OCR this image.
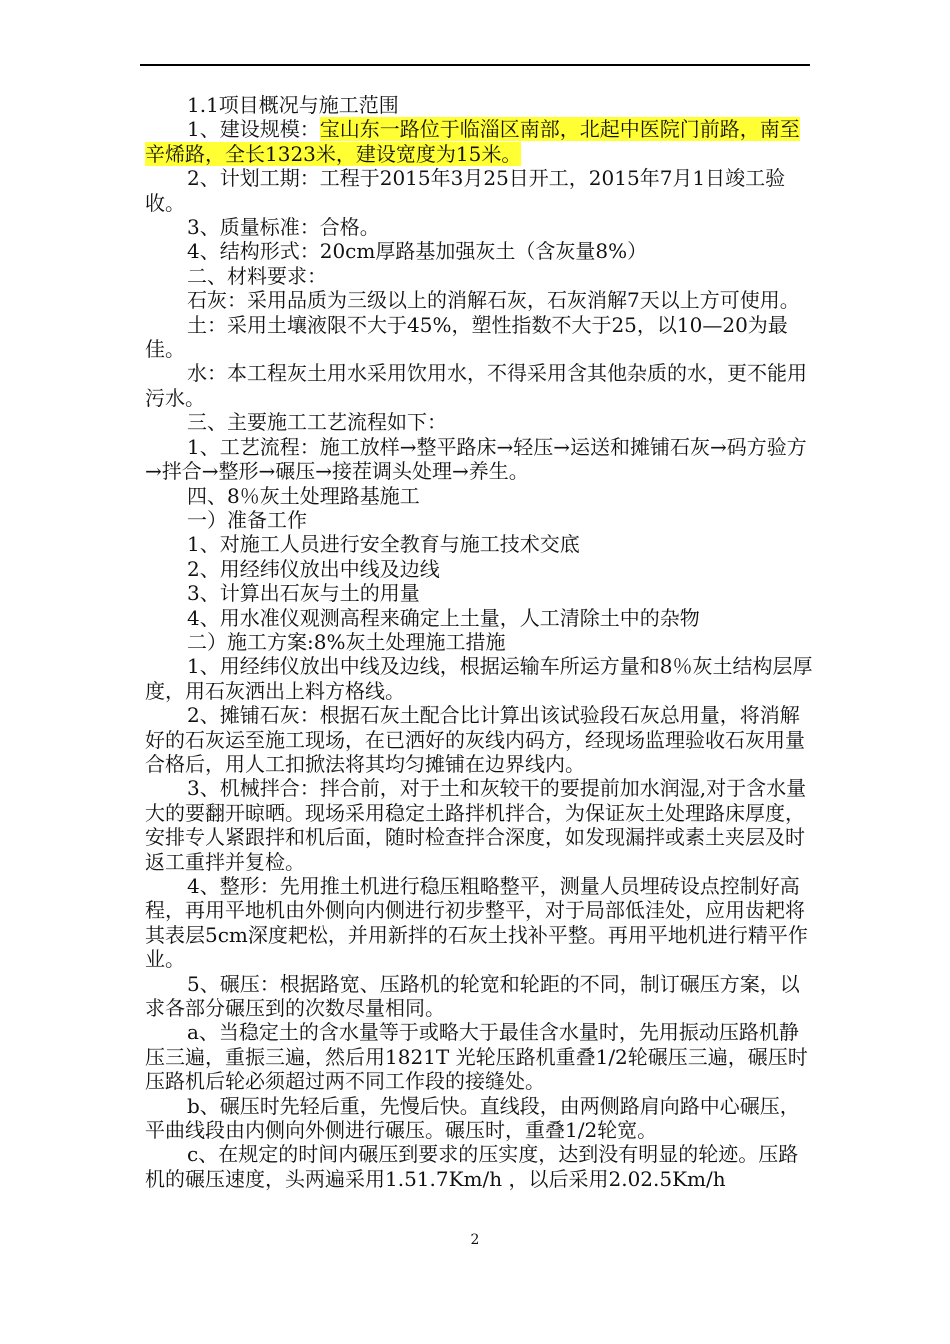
1.1项目概况与施工范围

1、建设规模：宝山东一路位于临淄区南部，北起中医院门前路，南至辛烯路，全长1323米，建设宽度为15米。

2、计划工期：工程于2015年3月25日开工，2015年7月1日竣工验收。

3、质量标准：合格。

4、结构形式：20cm厚路基加强灰土（含灰量8%）

二、材料要求：

石灰：采用品质为三级以上的消解石灰，石灰消解7天以上方可使用。

土：采用土壤液限不大于45%，塑性指数不大于25，以10—20为最佳。

水：本工程灰土用水采用饮用水，不得采用含其他杂质的水，更不能用污水。

三、主要施工工艺流程如下：

1、工艺流程：施工放样→整平路床→轻压→运送和摊铺石灰→码方验方→拌合→整形→碾压→接茬调头处理→养生。

四、8％灰土处理路基施工

一）准备工作

1、对施工人员进行安全教育与施工技术交底

2、用经纬仪放出中线及边线

3、计算出石灰与土的用量

4、用水准仪观测高程来确定上土量，人工清除土中的杂物

二）施工方案:8%灰土处理施工措施

1、用经纬仪放出中线及边线，根据运输车所运方量和8％灰土结构层厚度，用石灰洒出上料方格线。

2、摊铺石灰：根据石灰土配合比计算出该试验段石灰总用量，将消解好的石灰运至施工现场，在已洒好的灰线内码方，经现场监理验收石灰用量合格后，用人工扣掀法将其均匀摊铺在边界线内。

3、机械拌合：拌合前，对于土和灰较干的要提前加水润湿,对于含水量大的要翻开晾晒。现场采用稳定土路拌机拌合，为保证灰土处理路床厚度，安排专人紧跟拌和机后面，随时检查拌合深度，如发现漏拌或素土夹层及时返工重拌并复检。

4、整形：先用推土机进行稳压粗略整平，测量人员埋砖设点控制好高程，再用平地机由外侧向内侧进行初步整平，对于局部低洼处，应用齿耙将其表层5cm深度耙松，并用新拌的石灰土找补平整。再用平地机进行精平作业。

5、碾压：根据路宽、压路机的轮宽和轮距的不同，制订碾压方案，以求各部分碾压到的次数尽量相同。

a、当稳定土的含水量等于或略大于最佳含水量时，先用振动压路机静压三遍，重振三遍，然后用1821T 光轮压路机重叠1/2轮碾压三遍，碾压时压路机后轮必须超过两不同工作段的接缝处。

b、碾压时先轻后重，先慢后快。直线段，由两侧路肩向路中心碾压，平曲线段由内侧向外侧进行碾压。碾压时，重叠1/2轮宽。

c、在规定的时间内碾压到要求的压实度，达到没有明显的轮迹。压路机的碾压速度，头两遍采用1.51.7Km/h ，以后采用2.02.5Km/h

2
